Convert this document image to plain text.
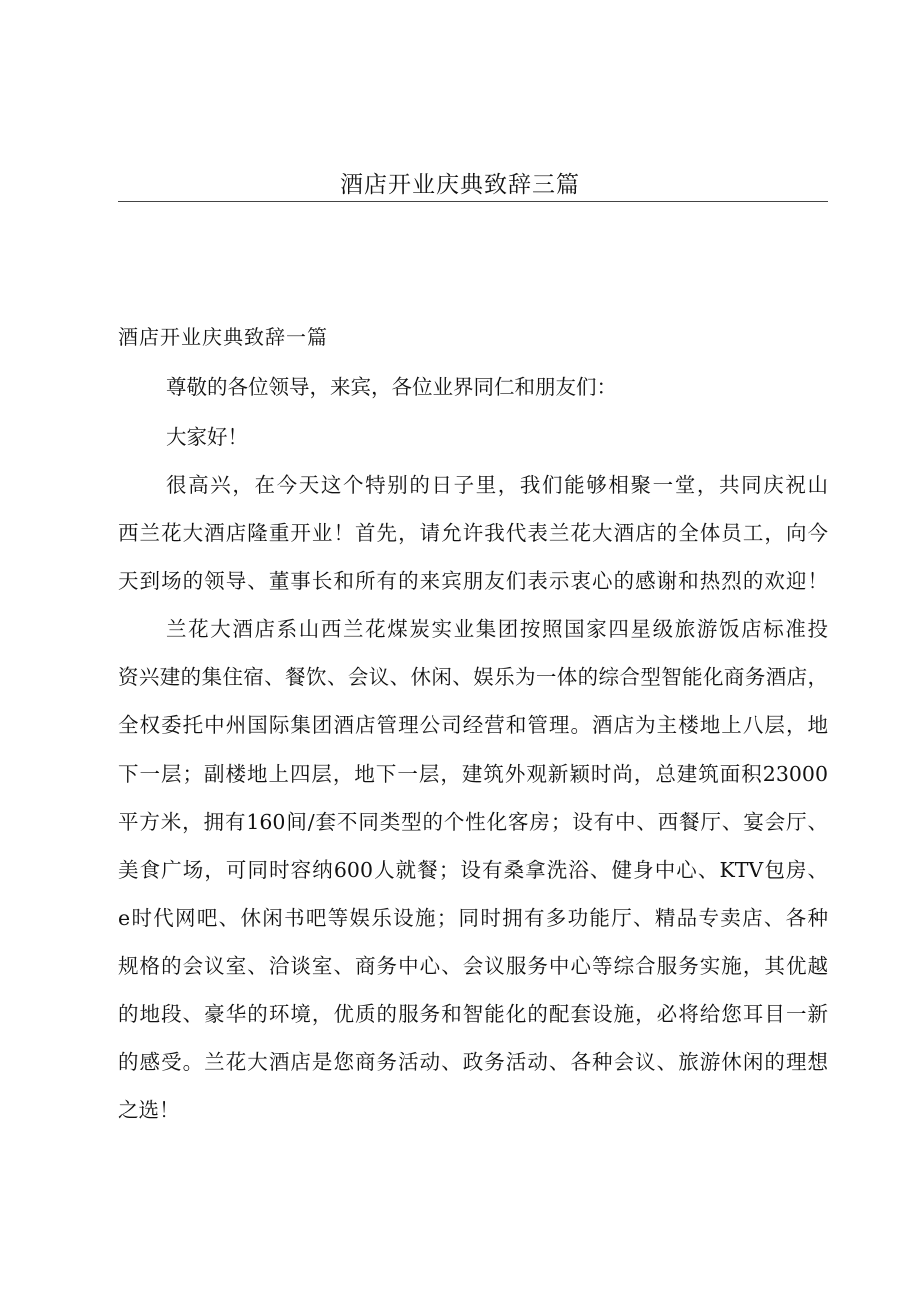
酒店开业庆典致辞三篇
酒店开业庆典致辞一篇
尊敬的各位领导，来宾，各位业界同仁和朋友们：
大家好！
很高兴，在今天这个特别的日子里，我们能够相聚一堂，共同庆祝山
西兰花大酒店隆重开业！首先，请允许我代表兰花大酒店的全体员工，向今
天到场的领导、董事长和所有的来宾朋友们表示衷心的感谢和热烈的欢迎！
兰花大酒店系山西兰花煤炭实业集团按照国家四星级旅游饭店标准投
资兴建的集住宿、餐饮、会议、休闲、娱乐为一体的综合型智能化商务酒店，
全权委托中州国际集团酒店管理公司经营和管理。酒店为主楼地上八层，地
下一层；副楼地上四层，地下一层，建筑外观新颖时尚，总建筑面积23000
平方米，拥有160间/套不同类型的个性化客房；设有中、西餐厅、宴会厅、
美食广场，可同时容纳600人就餐；设有桑拿洗浴、健身中心、KTV包房、
e时代网吧、休闲书吧等娱乐设施；同时拥有多功能厅、精品专卖店、各种
规格的会议室、洽谈室、商务中心、会议服务中心等综合服务实施，其优越
的地段、豪华的环境，优质的服务和智能化的配套设施，必将给您耳目一新
的感受。兰花大酒店是您商务活动、政务活动、各种会议、旅游休闲的理想
之选！
